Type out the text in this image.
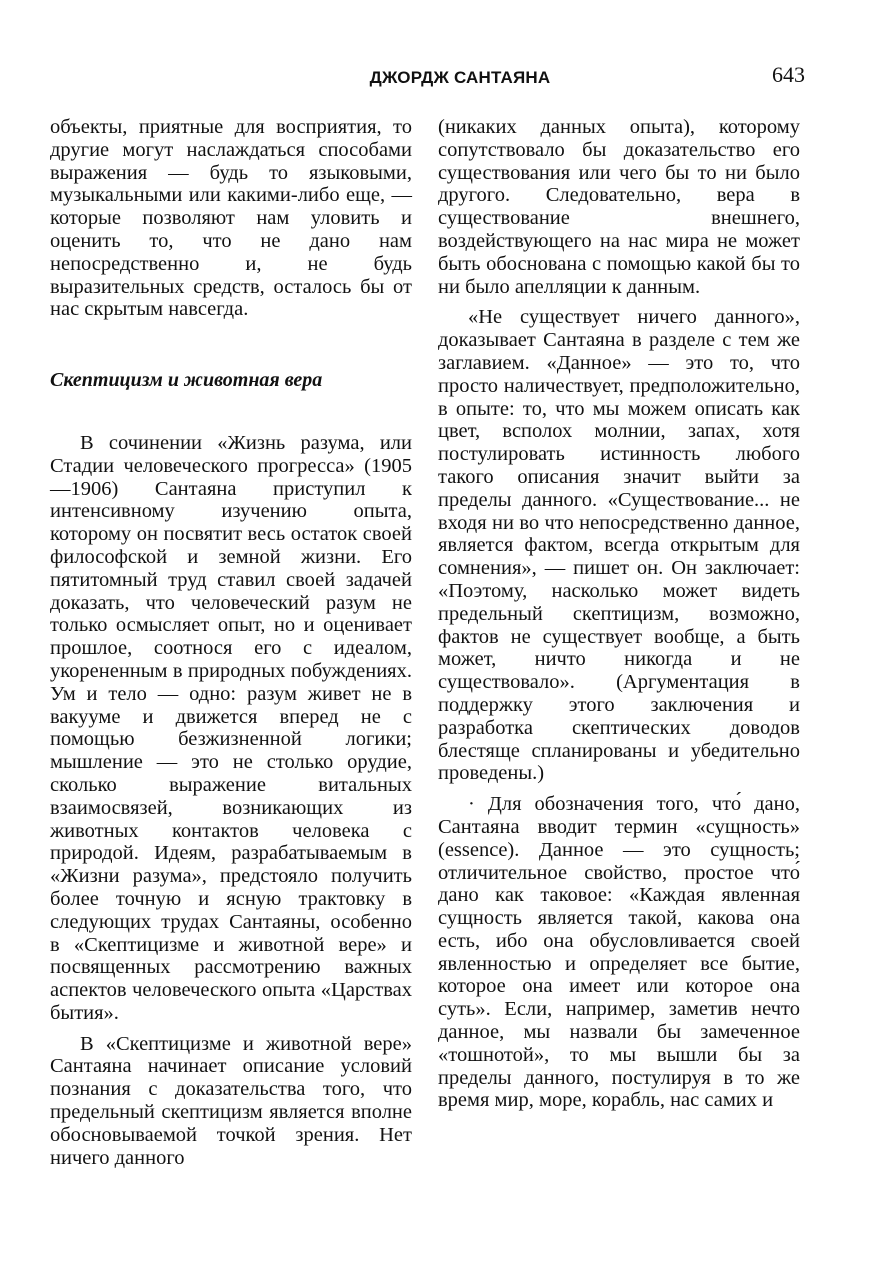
ДЖОРДЖ САНТАЯНА	643

объекты, приятные для восприятия, то другие могут наслаждаться способами выражения — будь то языковыми, музыкальными или какими-либо еще, — которые позволяют нам уловить и оценить то, что не дано нам непосредственно и, не будь выразительных средств, осталось бы от нас скрытым навсегда.

Скептицизм и животная вера

В сочинении «Жизнь разума, или Стадии человеческого прогресса» (1905—1906) Сантаяна приступил к интенсивному изучению опыта, которому он посвятит весь остаток своей философской и земной жизни. Его пятитомный труд ставил своей задачей доказать, что человеческий разум не только осмысляет опыт, но и оценивает прошлое, соотнося его с идеалом, укорененным в природных побуждениях. Ум и тело — одно: разум живет не в вакууме и движется вперед не с помощью безжизненной логики; мышление — это не столько орудие, сколько выражение витальных взаимосвязей, возникающих из животных контактов человека с природой. Идеям, разрабатываемым в «Жизни разума», предстояло получить более точную и ясную трактовку в следующих трудах Сантаяны, особенно в «Скептицизме и животной вере» и посвященных рассмотрению важных аспектов человеческого опыта «Царствах бытия».

В «Скептицизме и животной вере» Сантаяна начинает описание условий познания с доказательства того, что предельный скептицизм является вполне обосновываемой точкой зрения. Нет ничего данного

(никаких данных опыта), которому сопутствовало бы доказательство его существования или чего бы то ни было другого. Следовательно, вера в существование внешнего, воздействующего на нас мира не может быть обоснована с помощью какой бы то ни было апелляции к данным.

«Не существует ничего данного», доказывает Сантаяна в разделе с тем же заглавием. «Данное» — это то, что просто наличествует, предположительно, в опыте: то, что мы можем описать как цвет, всполох молнии, запах, хотя постулировать истинность любого такого описания значит выйти за пределы данного. «Существование... не входя ни во что непосредственно данное, является фактом, всегда открытым для сомнения», — пишет он. Он заключает: «Поэтому, насколько может видеть предельный скептицизм, возможно, фактов не существует вообще, а быть может, ничто никогда и не существовало». (Аргументация в поддержку этого заключения и разработка скептических доводов блестяще спланированы и убедительно проведены.)

· Для обозначения того, что́ дано, Сантаяна вводит термин «сущность» (essence). Данное — это сущность; отличительное свойство, простое что́ дано как таковое: «Каждая явленная сущность является такой, какова она есть, ибо она обусловливается своей явленностью и определяет все бытие, которое она имеет или которое она суть». Если, например, заметив нечто данное, мы назвали бы замеченное «тошнотой», то мы вышли бы за пределы данного, постулируя в то же время мир, море, корабль, нас самих и
